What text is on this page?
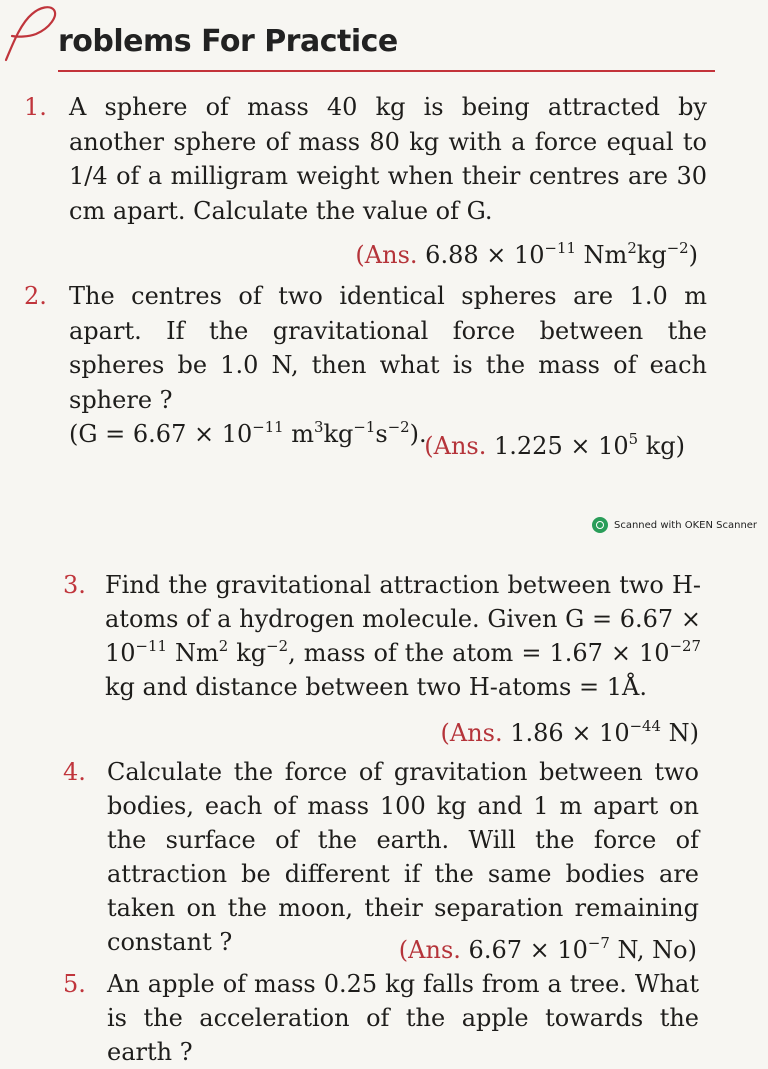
roblems For Practice
1. A sphere of mass 40 kg is being attracted by another sphere of mass 80 kg with a force equal to 1/4 of a milligram weight when their centres are 30 cm apart. Calculate the value of G.
(Ans. $6.88 \times 10^{-11}$ $Nm^2kg^{-2}$)
2. The centres of two identical spheres are 1.0 m apart. If the gravitational force between the spheres be 1.0 N, then what is the mass of each sphere ?
($G = 6.67 \times 10^{-11}$ $m^3kg^{-1}s^{-2}$).
(Ans. $1.225 \times 10^5$ kg)
Scanned with OKEN Scanner
3. Find the gravitational attraction between two H-atoms of a hydrogen molecule. Given $G = 6.67 \times 10^{-11}$ Nm$^2$ $kg^{-2}$, mass of the atom = $1.67 \times 10^{-27}$ kg and distance between two H-atoms = 1Å.
(Ans. $1.86 \times 10^{-44}$ N)
4. Calculate the force of gravitation between two bodies, each of mass 100 kg and 1 m apart on the surface of the earth. Will the force of attraction be different if the same bodies are taken on the moon, their separation remaining constant ?	(Ans. $6.67 \times 10^{-7}$ N, No)
5. An apple of mass 0.25 kg falls from a tree. What is the acceleration of the apple towards the earth ?
